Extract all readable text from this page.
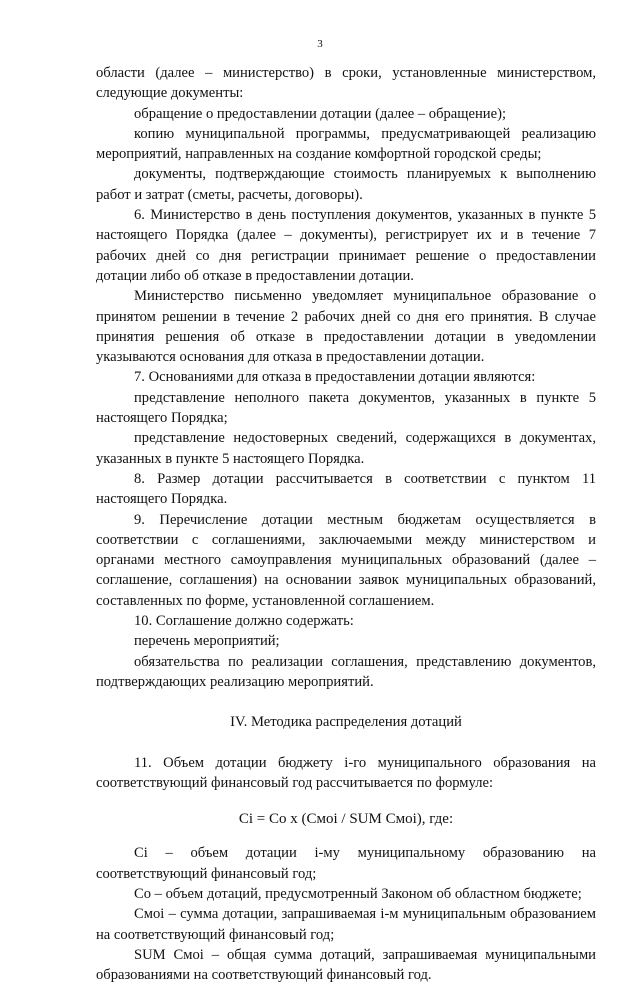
3

области (далее – министерство) в сроки, установленные министерством, следующие документы:

обращение о предоставлении дотации (далее – обращение);

копию муниципальной программы, предусматривающей реализацию мероприятий, направленных на создание комфортной городской среды;

документы, подтверждающие стоимость планируемых к выполнению работ и затрат (сметы, расчеты, договоры).

6. Министерство в день поступления документов, указанных в пункте 5 настоящего Порядка (далее – документы), регистрирует их и в течение 7 рабочих дней со дня регистрации принимает решение о предоставлении дотации либо об отказе в предоставлении дотации.

Министерство письменно уведомляет муниципальное образование о принятом решении в течение 2 рабочих дней со дня его принятия. В случае принятия решения об отказе в предоставлении дотации в уведомлении указываются основания для отказа в предоставлении дотации.

7. Основаниями для отказа в предоставлении дотации являются:

представление неполного пакета документов, указанных в пункте 5 настоящего Порядка;

представление недостоверных сведений, содержащихся в документах, указанных в пункте 5 настоящего Порядка.

8. Размер дотации рассчитывается в соответствии с пунктом 11 настоящего Порядка.

9. Перечисление дотации местным бюджетам осуществляется в соответствии с соглашениями, заключаемыми между министерством и органами местного самоуправления муниципальных образований (далее – соглашение, соглашения) на основании заявок муниципальных образований, составленных по форме, установленной соглашением.

10. Соглашение должно содержать:

перечень мероприятий;

обязательства по реализации соглашения, представлению документов, подтверждающих реализацию мероприятий.

IV. Методика распределения дотаций

11. Объем дотации бюджету i-го муниципального образования на соответствующий финансовый год рассчитывается по формуле:

Ci = Co x (Cмоi / SUM Cмоi), где:

Ci – объем дотации i-му муниципальному образованию на соответствующий финансовый год;

Co – объем дотаций, предусмотренный Законом об областном бюджете;

Cмоi – сумма дотации, запрашиваемая i-м муниципальным образованием на соответствующий финансовый год;

SUM Cмоi – общая сумма дотаций, запрашиваемая муниципальными образованиями на соответствующий финансовый год.
